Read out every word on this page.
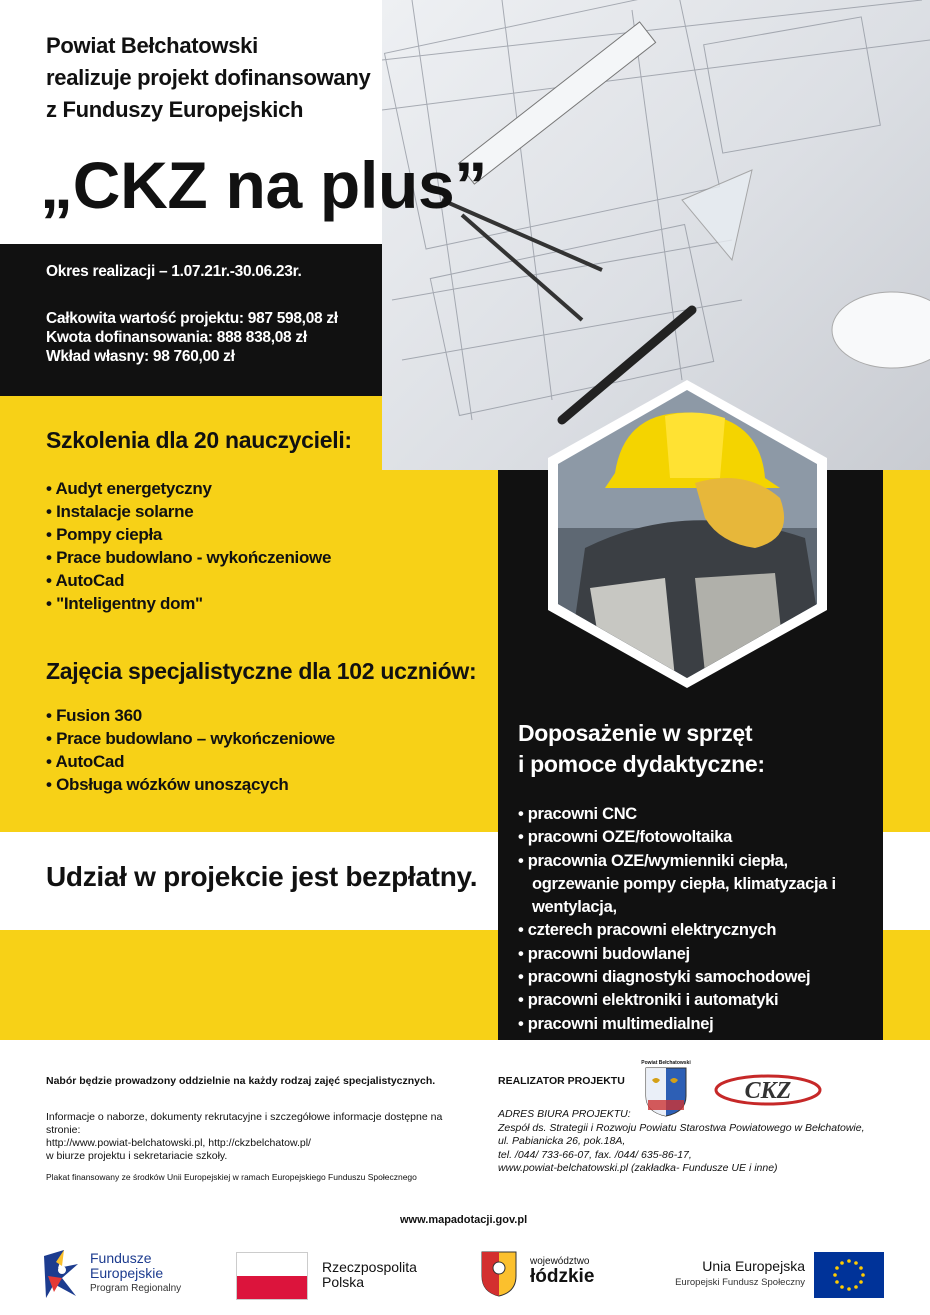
Powiat Bełchatowski
realizuje projekt dofinansowany
z Funduszy Europejskich
„CKZ na plus”
Okres realizacji – 1.07.21r.-30.06.23r.
Całkowita wartość projektu: 987 598,08 zł
Kwota dofinansowania: 888 838,08 zł
Wkład własny: 98 760,00 zł
Szkolenia dla 20 nauczycieli:
• Audyt energetyczny
• Instalacje solarne
• Pompy ciepła
• Prace budowlano - wykończeniowe
• AutoCad
• "Inteligentny dom"
Zajęcia specjalistyczne dla 102 uczniów:
• Fusion 360
• Prace budowlano – wykończeniowe
• AutoCad
• Obsługa wózków unoszących
Udział w projekcie jest bezpłatny.
Doposażenie w sprzęt
i pomoce dydaktyczne:
• pracowni CNC
• pracowni OZE/fotowoltaika
• pracownia OZE/wymienniki ciepła, ogrzewanie pompy ciepła, klimatyzacja i wentylacja,
• czterech pracowni elektrycznych
• pracowni budowlanej
• pracowni diagnostyki samochodowej
• pracowni elektroniki i automatyki
• pracowni multimedialnej
Nabór będzie prowadzony oddzielnie na każdy rodzaj zajęć specjalistycznych.
Informacje o naborze, dokumenty rekrutacyjne i szczegółowe informacje dostępne na stronie:
http://www.powiat-belchatowski.pl, http://ckzbelchatow.pl/
w biurze projektu i sekretariacie szkoły.
Plakat finansowany ze środków Unii Europejskiej w ramach Europejskiego Funduszu Społecznego
REALIZATOR PROJEKTU
Powiat Bełchatowski
CKZ
ADRES BIURA PROJEKTU:
Zespół ds. Strategii i Rozwoju Powiatu Starostwa Powiatowego w Bełchatowie,
ul. Pabianicka 26, pok.18A,
tel. /044/ 733-66-07, fax. /044/ 635-86-17,
www.powiat-belchatowski.pl (zakładka- Fundusze UE i inne)
www.mapadotacji.gov.pl
Fundusze
Europejskie
Program Regionalny
Rzeczpospolita
Polska
województwo
łódzkie	Unia Europejska
Europejski Fundusz Społeczny
